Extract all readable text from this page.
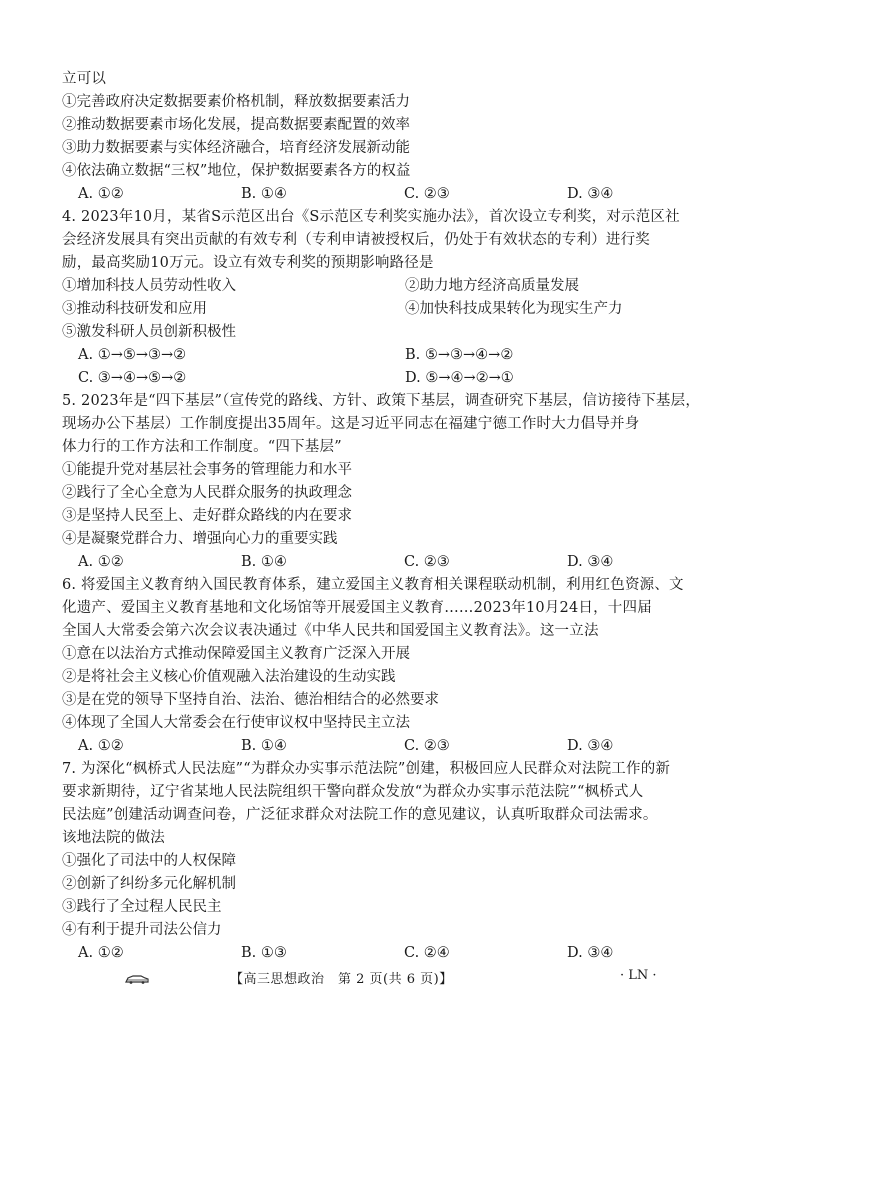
立可以
①完善政府决定数据要素价格机制，释放数据要素活力
②推动数据要素市场化发展，提高数据要素配置的效率
③助力数据要素与实体经济融合，培育经济发展新动能
④依法确立数据“三权”地位，保护数据要素各方的权益
A. ①②	B. ①④	C. ②③	D. ③④
4. 2023年10月，某省S示范区出台《S示范区专利奖实施办法》，首次设立专利奖，对示范区社
会经济发展具有突出贡献的有效专利（专利申请被授权后，仍处于有效状态的专利）进行奖
励，最高奖励10万元。设立有效专利奖的预期影响路径是
①增加科技人员劳动性收入	②助力地方经济高质量发展
③推动科技研发和应用	④加快科技成果转化为现实生产力
⑤激发科研人员创新积极性
A. ①→⑤→③→②	B. ⑤→③→④→②
C. ③→④→⑤→②	D. ⑤→④→②→①
5. 2023年是“四下基层”（宣传党的路线、方针、政策下基层，调查研究下基层，信访接待下基层，
现场办公下基层）工作制度提出35周年。这是习近平同志在福建宁德工作时大力倡导并身
体力行的工作方法和工作制度。“四下基层”
①能提升党对基层社会事务的管理能力和水平
②践行了全心全意为人民群众服务的执政理念
③是坚持人民至上、走好群众路线的内在要求
④是凝聚党群合力、增强向心力的重要实践
A. ①②	B. ①④	C. ②③	D. ③④
6. 将爱国主义教育纳入国民教育体系，建立爱国主义教育相关课程联动机制，利用红色资源、文
化遗产、爱国主义教育基地和文化场馆等开展爱国主义教育……2023年10月24日，十四届
全国人大常委会第六次会议表决通过《中华人民共和国爱国主义教育法》。这一立法
①意在以法治方式推动保障爱国主义教育广泛深入开展
②是将社会主义核心价值观融入法治建设的生动实践
③是在党的领导下坚持自治、法治、德治相结合的必然要求
④体现了全国人大常委会在行使审议权中坚持民主立法
A. ①②	B. ①④	C. ②③	D. ③④
7. 为深化“枫桥式人民法庭”“为群众办实事示范法院”创建，积极回应人民群众对法院工作的新
要求新期待，辽宁省某地人民法院组织干警向群众发放“为群众办实事示范法院”“枫桥式人
民法庭”创建活动调查问卷，广泛征求群众对法院工作的意见建议，认真听取群众司法需求。
该地法院的做法
①强化了司法中的人权保障
②创新了纠纷多元化解机制
③践行了全过程人民民主
④有利于提升司法公信力
A. ①②	B. ①③	C. ②④	D. ③④
【高三思想政治　第 2 页(共 6 页)】	· LN ·
